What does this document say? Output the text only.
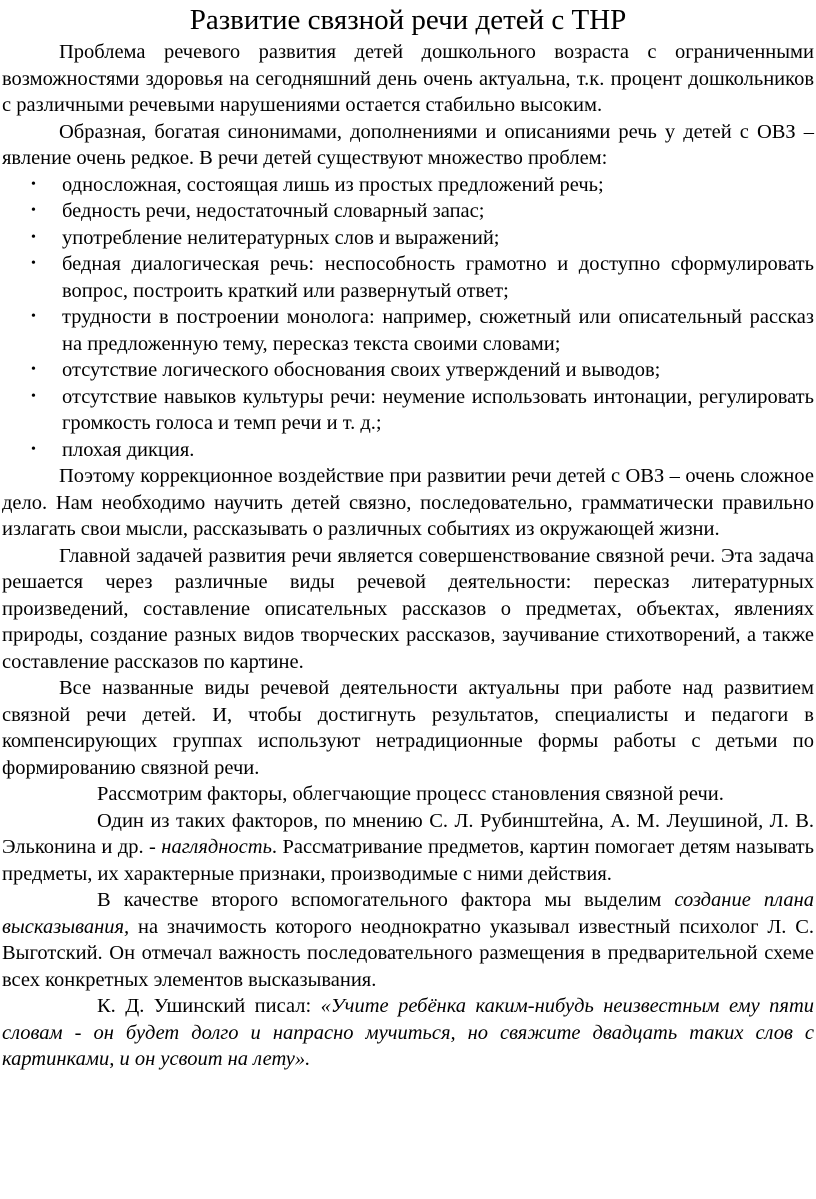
Развитие связной речи детей с ТНР

Проблема речевого развития детей дошкольного возраста с ограниченными возможностями здоровья на сегодняшний день очень актуальна, т.к. процент дошкольников с различными речевыми нарушениями остается стабильно высоким.

Образная, богатая синонимами, дополнениями и описаниями речь у детей с ОВЗ – явление очень редкое. В речи детей существуют множество проблем:

• односложная, состоящая лишь из простых предложений речь;
• бедность речи, недостаточный словарный запас;
• употребление нелитературных слов и выражений;
• бедная диалогическая речь: неспособность грамотно и доступно сформулировать вопрос, построить краткий или развернутый ответ;
• трудности в построении монолога: например, сюжетный или описательный рассказ на предложенную тему, пересказ текста своими словами;
• отсутствие логического обоснования своих утверждений и выводов;
• отсутствие навыков культуры речи: неумение использовать интонации, регулировать громкость голоса и темп речи и т. д.;
• плохая дикция.

Поэтому коррекционное воздействие при развитии речи детей с ОВЗ – очень сложное дело. Нам необходимо научить детей связно, последовательно, грамматически правильно излагать свои мысли, рассказывать о различных событиях из окружающей жизни.

Главной задачей развития речи является совершенствование связной речи. Эта задача решается через различные виды речевой деятельности: пересказ литературных произведений, составление описательных рассказов о предметах, объектах, явлениях природы, создание разных видов творческих рассказов, заучивание стихотворений, а также составление рассказов по картине.

Все названные виды речевой деятельности актуальны при работе над развитием связной речи детей. И, чтобы достигнуть результатов, специалисты и педагоги в компенсирующих группах используют нетрадиционные формы работы с детьми по формированию связной речи.

Рассмотрим факторы, облегчающие процесс становления связной речи.

Один из таких факторов, по мнению С. Л. Рубинштейна, А. М. Леушиной, Л. В. Эльконина и др. - наглядность. Рассматривание предметов, картин помогает детям называть предметы, их характерные признаки, производимые с ними действия.

В качестве второго вспомогательного фактора мы выделим создание плана высказывания, на значимость которого неоднократно указывал известный психолог Л. С. Выготский. Он отмечал важность последовательного размещения в предварительной схеме всех конкретных элементов высказывания.

К. Д. Ушинский писал: «Учите ребёнка каким-нибудь неизвестным ему пяти словам - он будет долго и напрасно мучиться, но свяжите двадцать таких слов с картинками, и он усвоит на лету».
